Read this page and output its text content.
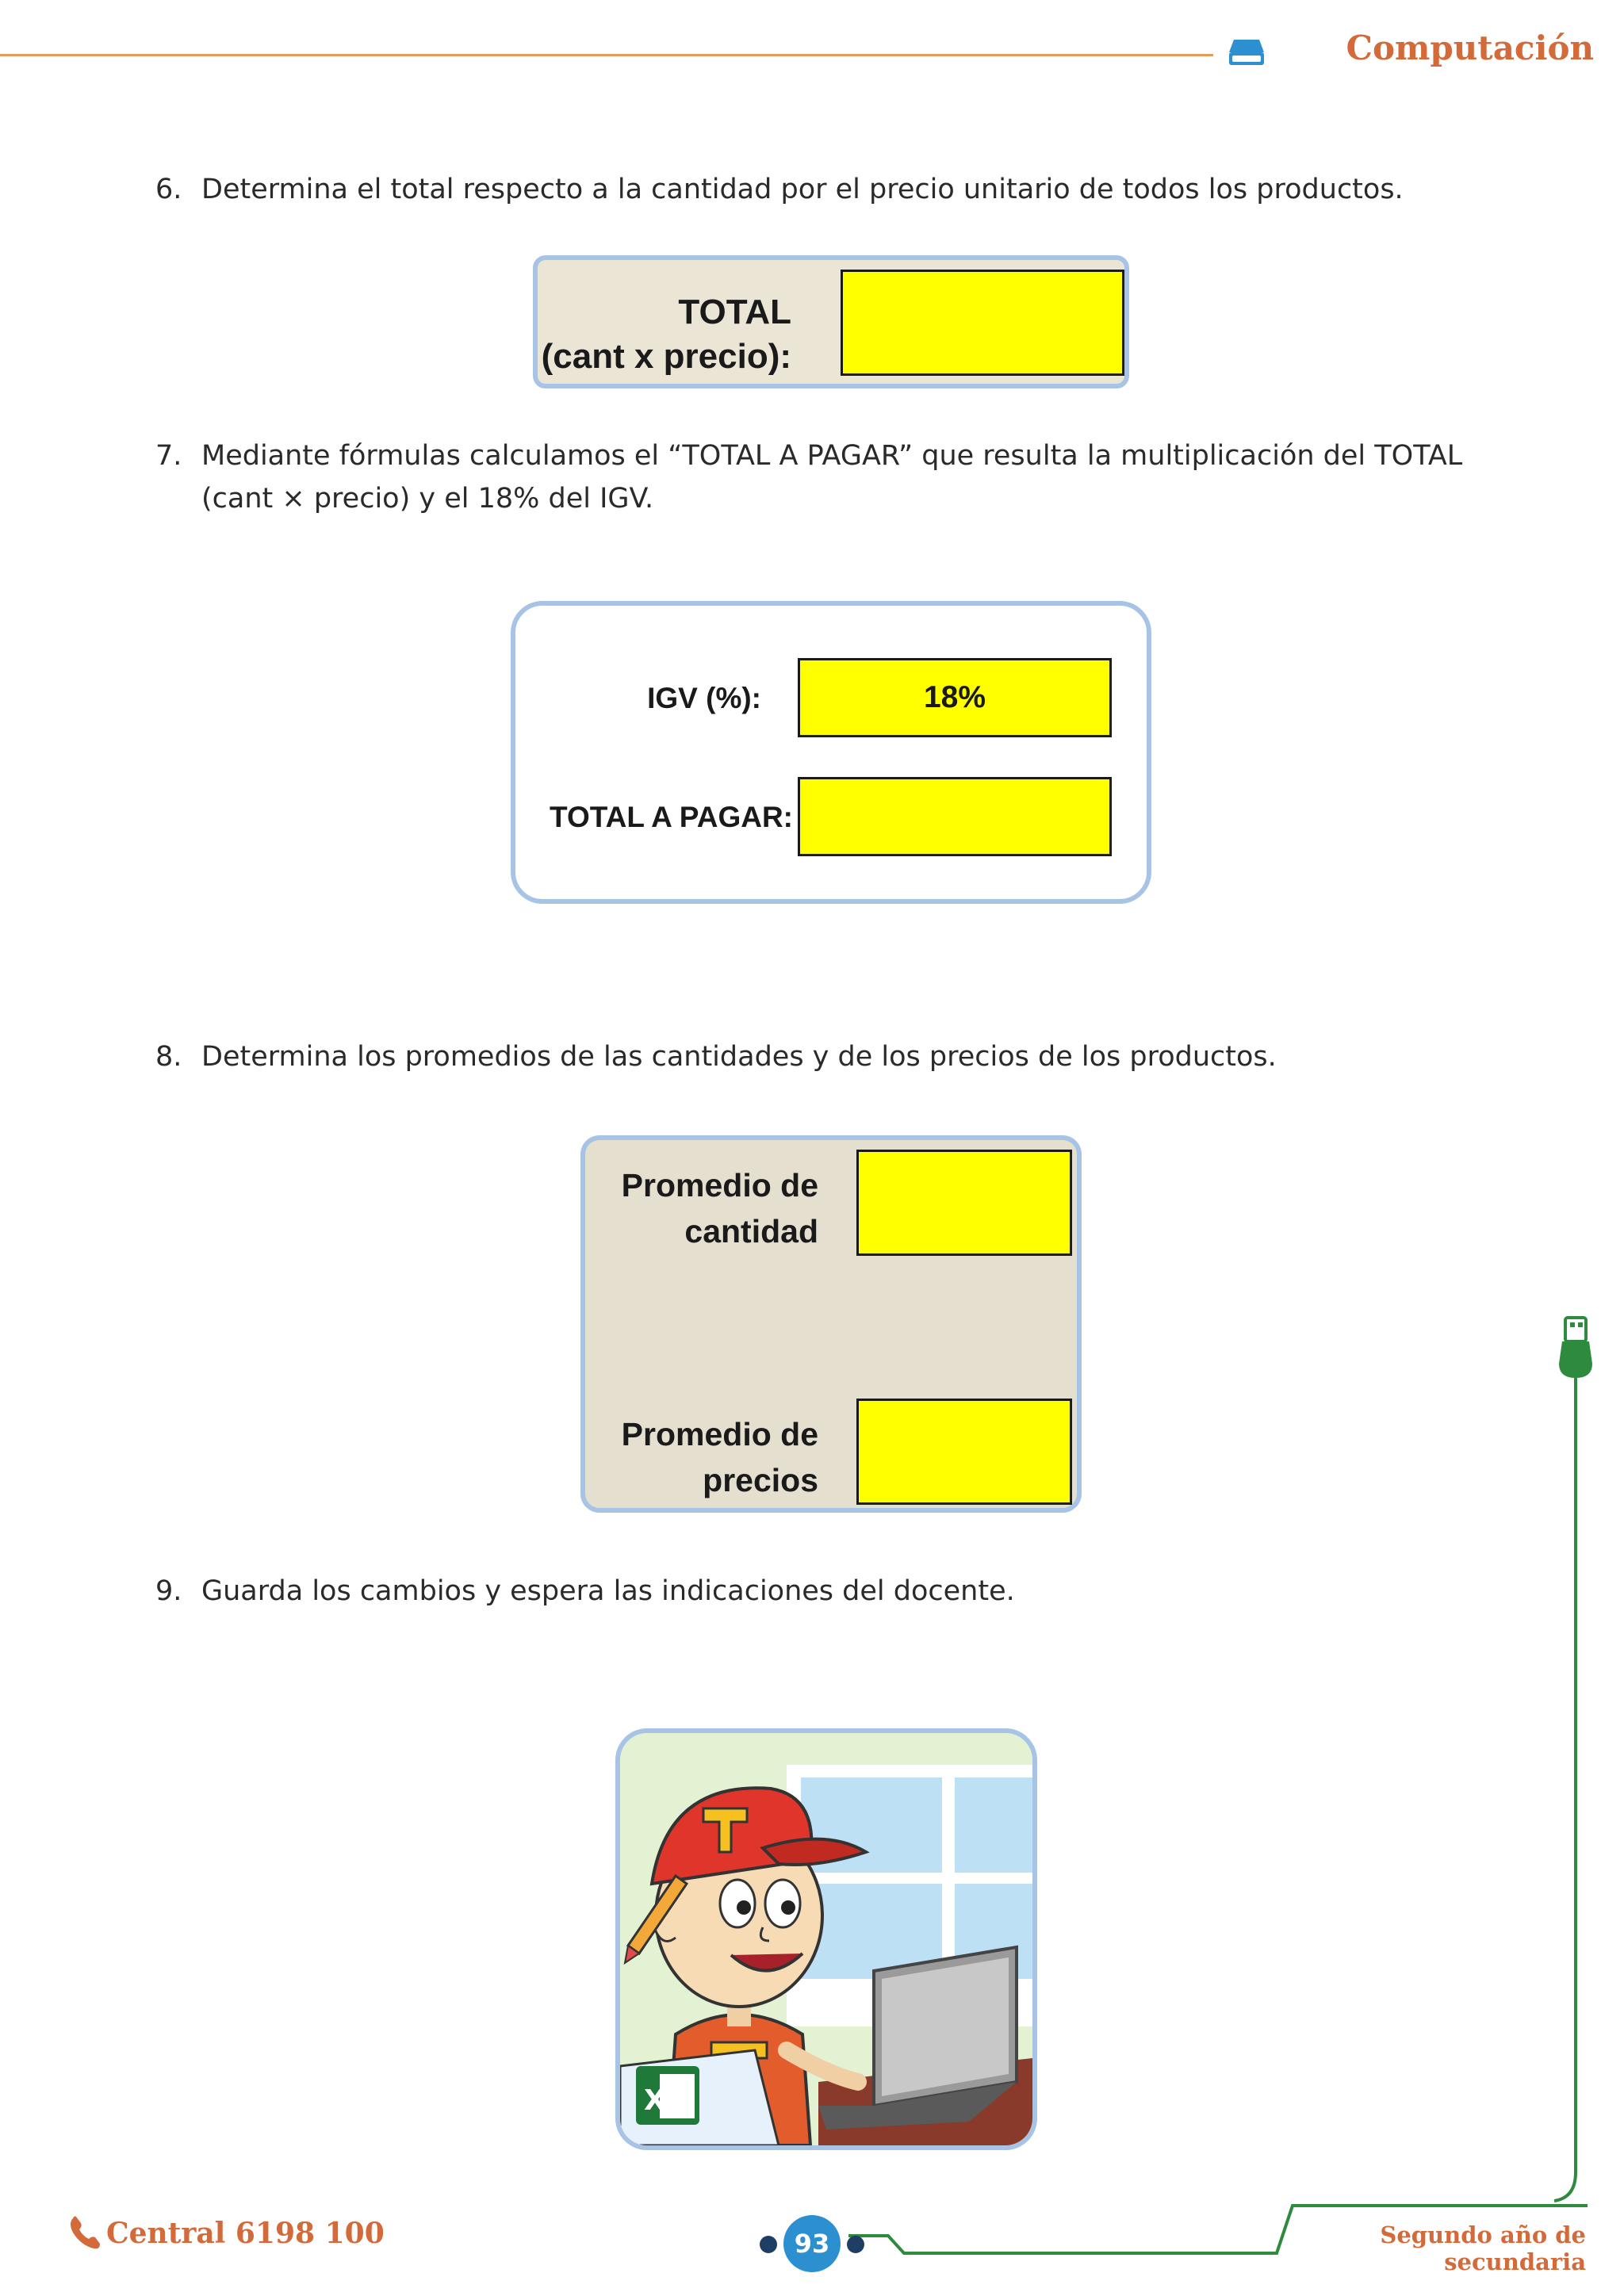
Computación
6. Determina el total respecto a la cantidad por el precio unitario de todos los productos.
TOTAL
(cant x precio):
7. Mediante fórmulas calculamos el “TOTAL A PAGAR” que resulta la multiplicación del TOTAL
(cant × precio) y el 18% del IGV.
IGV (%):	18%
TOTAL A PAGAR:
8. Determina los promedios de las cantidades y de los precios de los productos.
Promedio de
cantidad
Promedio de
precios
9. Guarda los cambios y espera las indicaciones del docente.
X
Central 6198 100	93	Segundo año de secundaria
